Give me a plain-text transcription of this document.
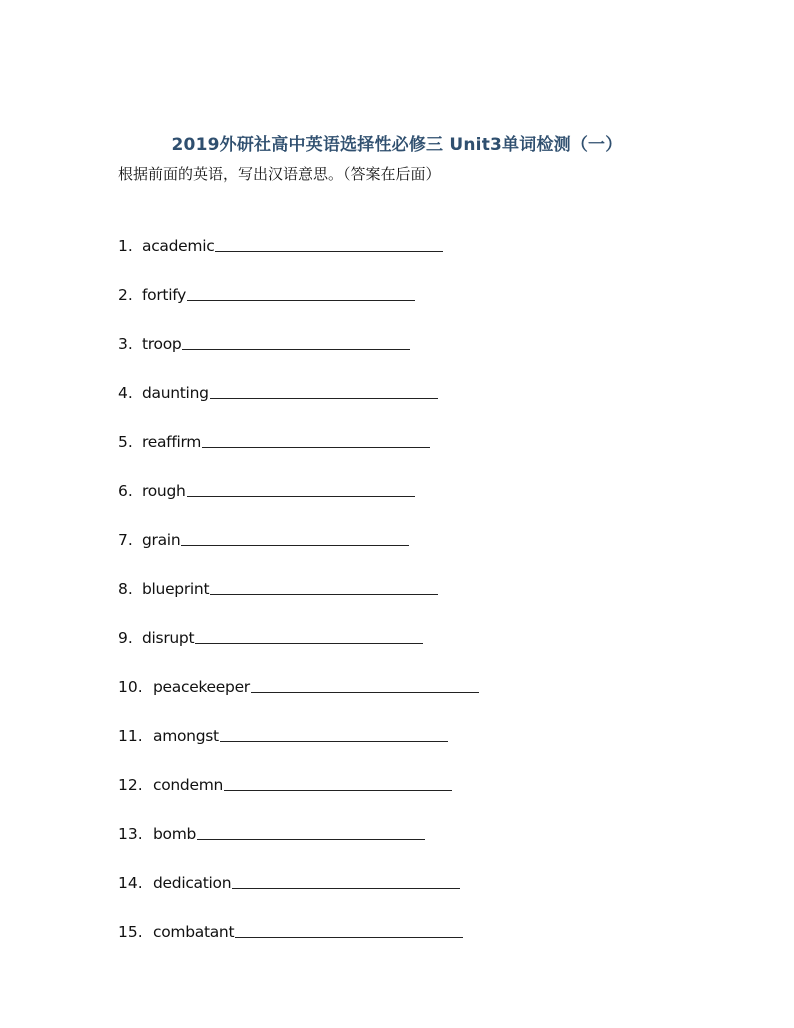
2019外研社高中英语选择性必修三 Unit3单词检测（一）
根据前面的英语，写出汉语意思。（答案在后面）
1. academic
2. fortify
3. troop
4. daunting
5. reaffirm
6. rough
7. grain
8. blueprint
9. disrupt
10. peacekeeper
11. amongst
12. condemn
13. bomb
14. dedication
15. combatant
